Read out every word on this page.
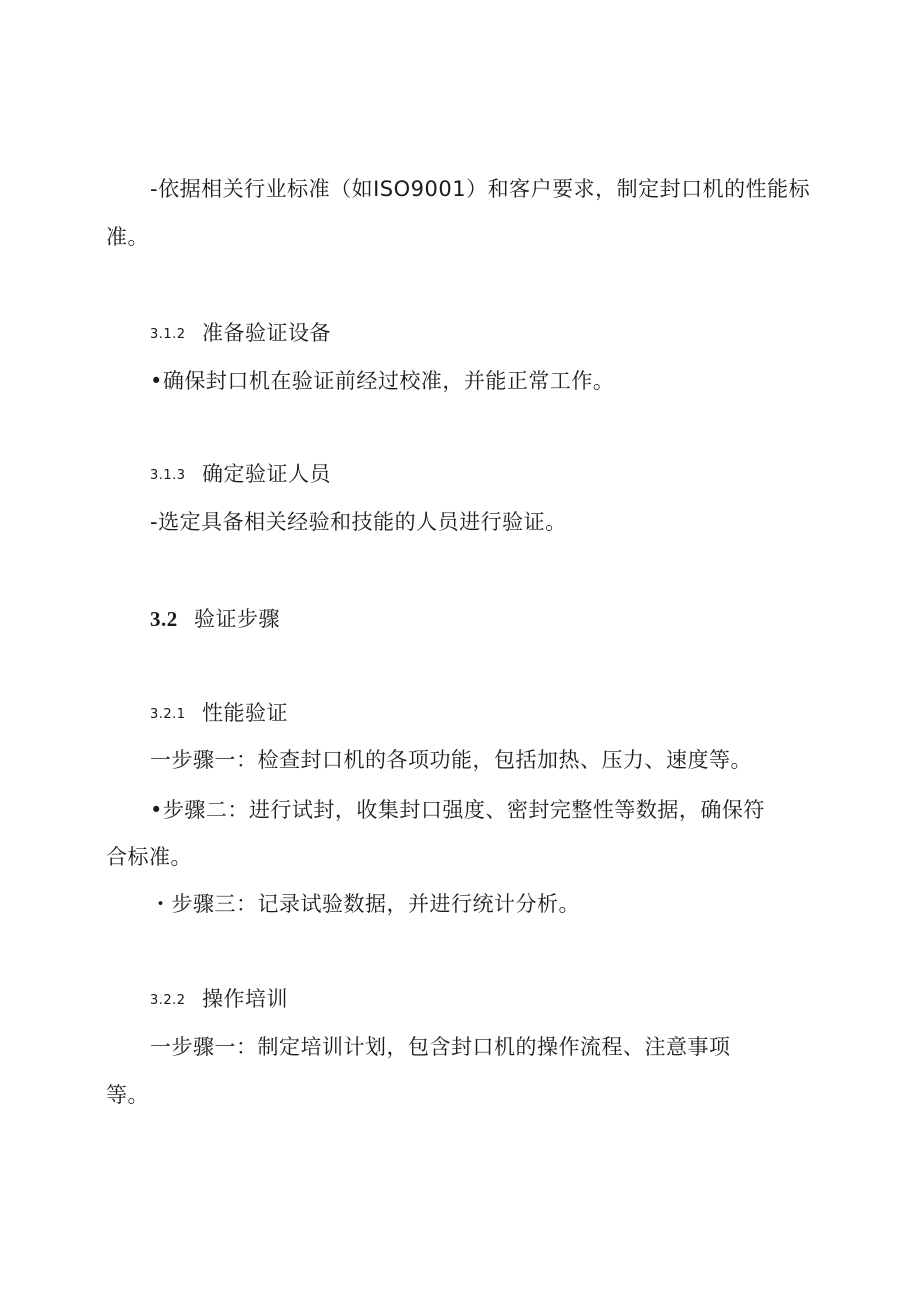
-依据相关行业标准（如ISO9001）和客户要求，制定封口机的性能标
准。
3.1.2 准备验证设备
•确保封口机在验证前经过校准，并能正常工作。
3.1.3 确定验证人员
-选定具备相关经验和技能的人员进行验证。
3.2 验证步骤
3.2.1 性能验证
一步骤一：检查封口机的各项功能，包括加热、压力、速度等。
•步骤二：进行试封，收集封口强度、密封完整性等数据，确保符
合标准。
・步骤三：记录试验数据，并进行统计分析。
3.2.2 操作培训
一步骤一：制定培训计划，包含封口机的操作流程、注意事项
等。
